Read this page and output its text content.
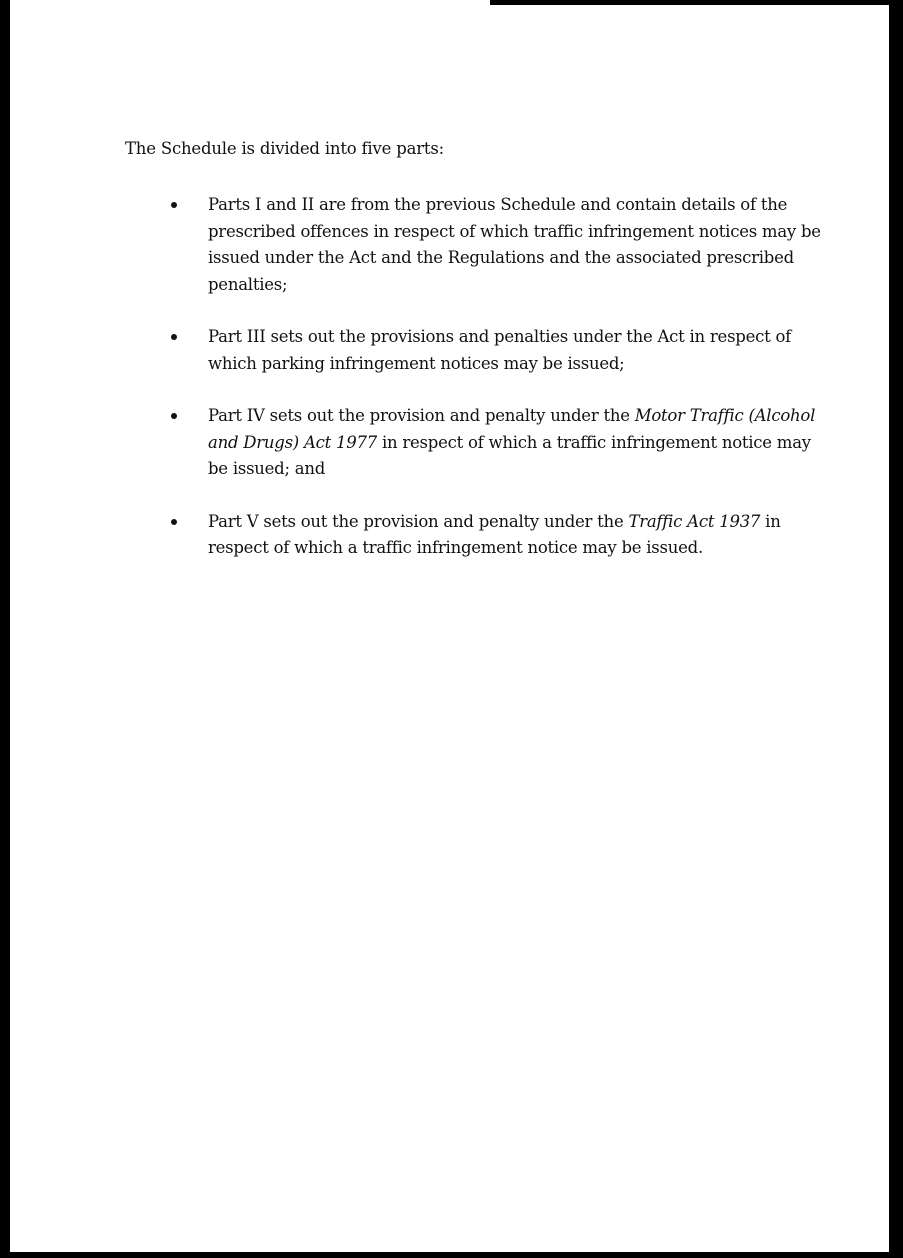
The Schedule is divided into five parts:

Parts I and II are from the previous Schedule and contain details of the prescribed offences in respect of which traffic infringement notices may be issued under the Act and the Regulations and the associated prescribed penalties;
Part III sets out the provisions and penalties under the Act in respect of which parking infringement notices may be issued;
Part IV sets out the provision and penalty under the Motor Traffic (Alcohol and Drugs) Act 1977 in respect of which a traffic infringement notice may be issued; and
Part V sets out the provision and penalty under the Traffic Act 1937 in respect of which a traffic infringement notice may be issued.
